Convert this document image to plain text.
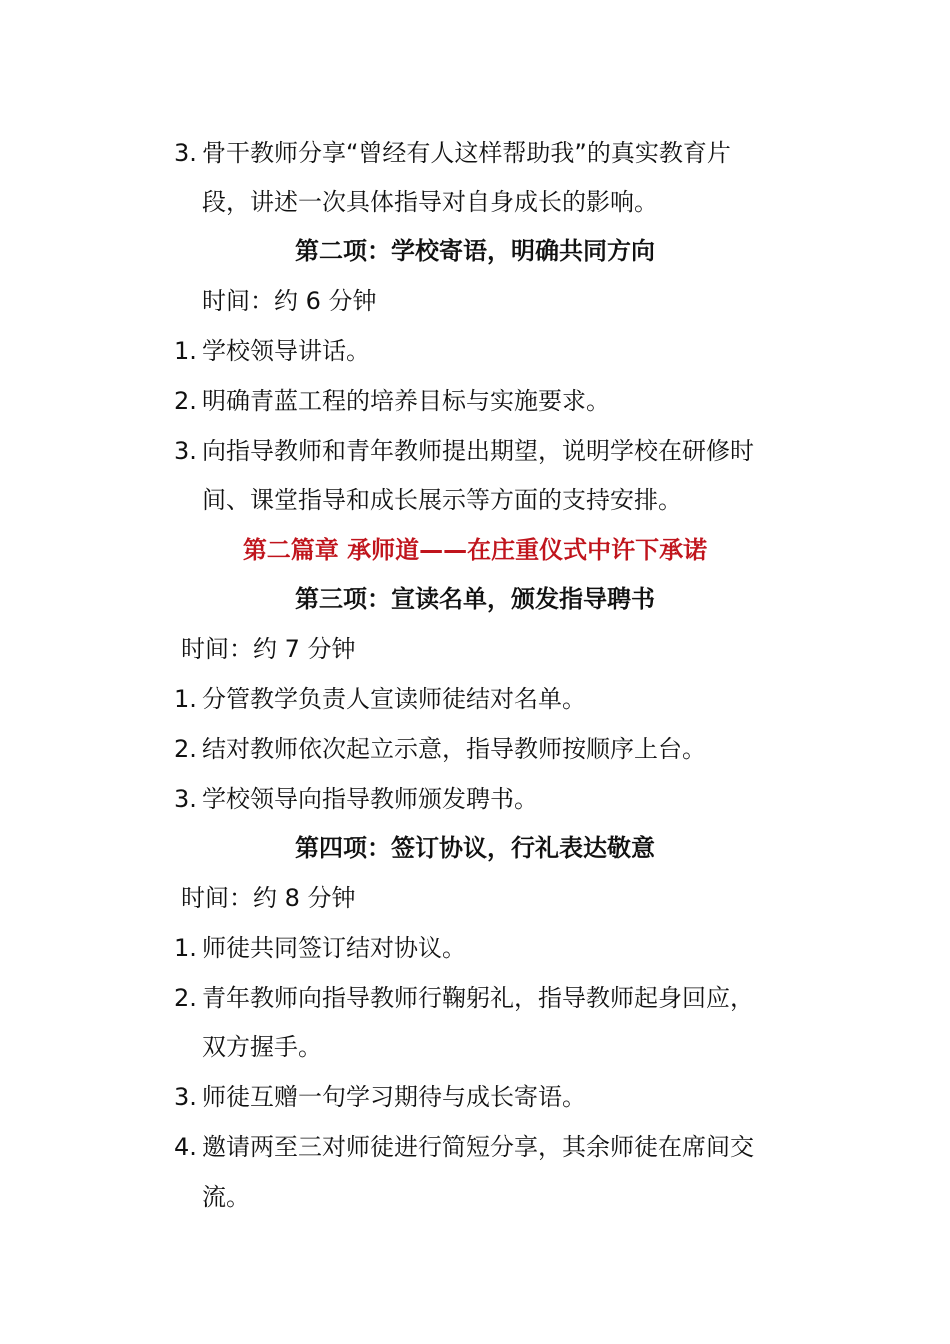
3. 骨干教师分享“曾经有人这样帮助我”的真实教育片
段，讲述一次具体指导对自身成长的影响。
第二项：学校寄语，明确共同方向
时间：约 6 分钟
1. 学校领导讲话。
2. 明确青蓝工程的培养目标与实施要求。
3. 向指导教师和青年教师提出期望，说明学校在研修时
间、课堂指导和成长展示等方面的支持安排。
第二篇章 承师道——在庄重仪式中许下承诺
第三项：宣读名单，颁发指导聘书
时间：约 7 分钟
1. 分管教学负责人宣读师徒结对名单。
2. 结对教师依次起立示意，指导教师按顺序上台。
3. 学校领导向指导教师颁发聘书。
第四项：签订协议，行礼表达敬意
时间：约 8 分钟
1. 师徒共同签订结对协议。
2. 青年教师向指导教师行鞠躬礼，指导教师起身回应，
双方握手。
3. 师徒互赠一句学习期待与成长寄语。
4. 邀请两至三对师徒进行简短分享，其余师徒在席间交
流。
